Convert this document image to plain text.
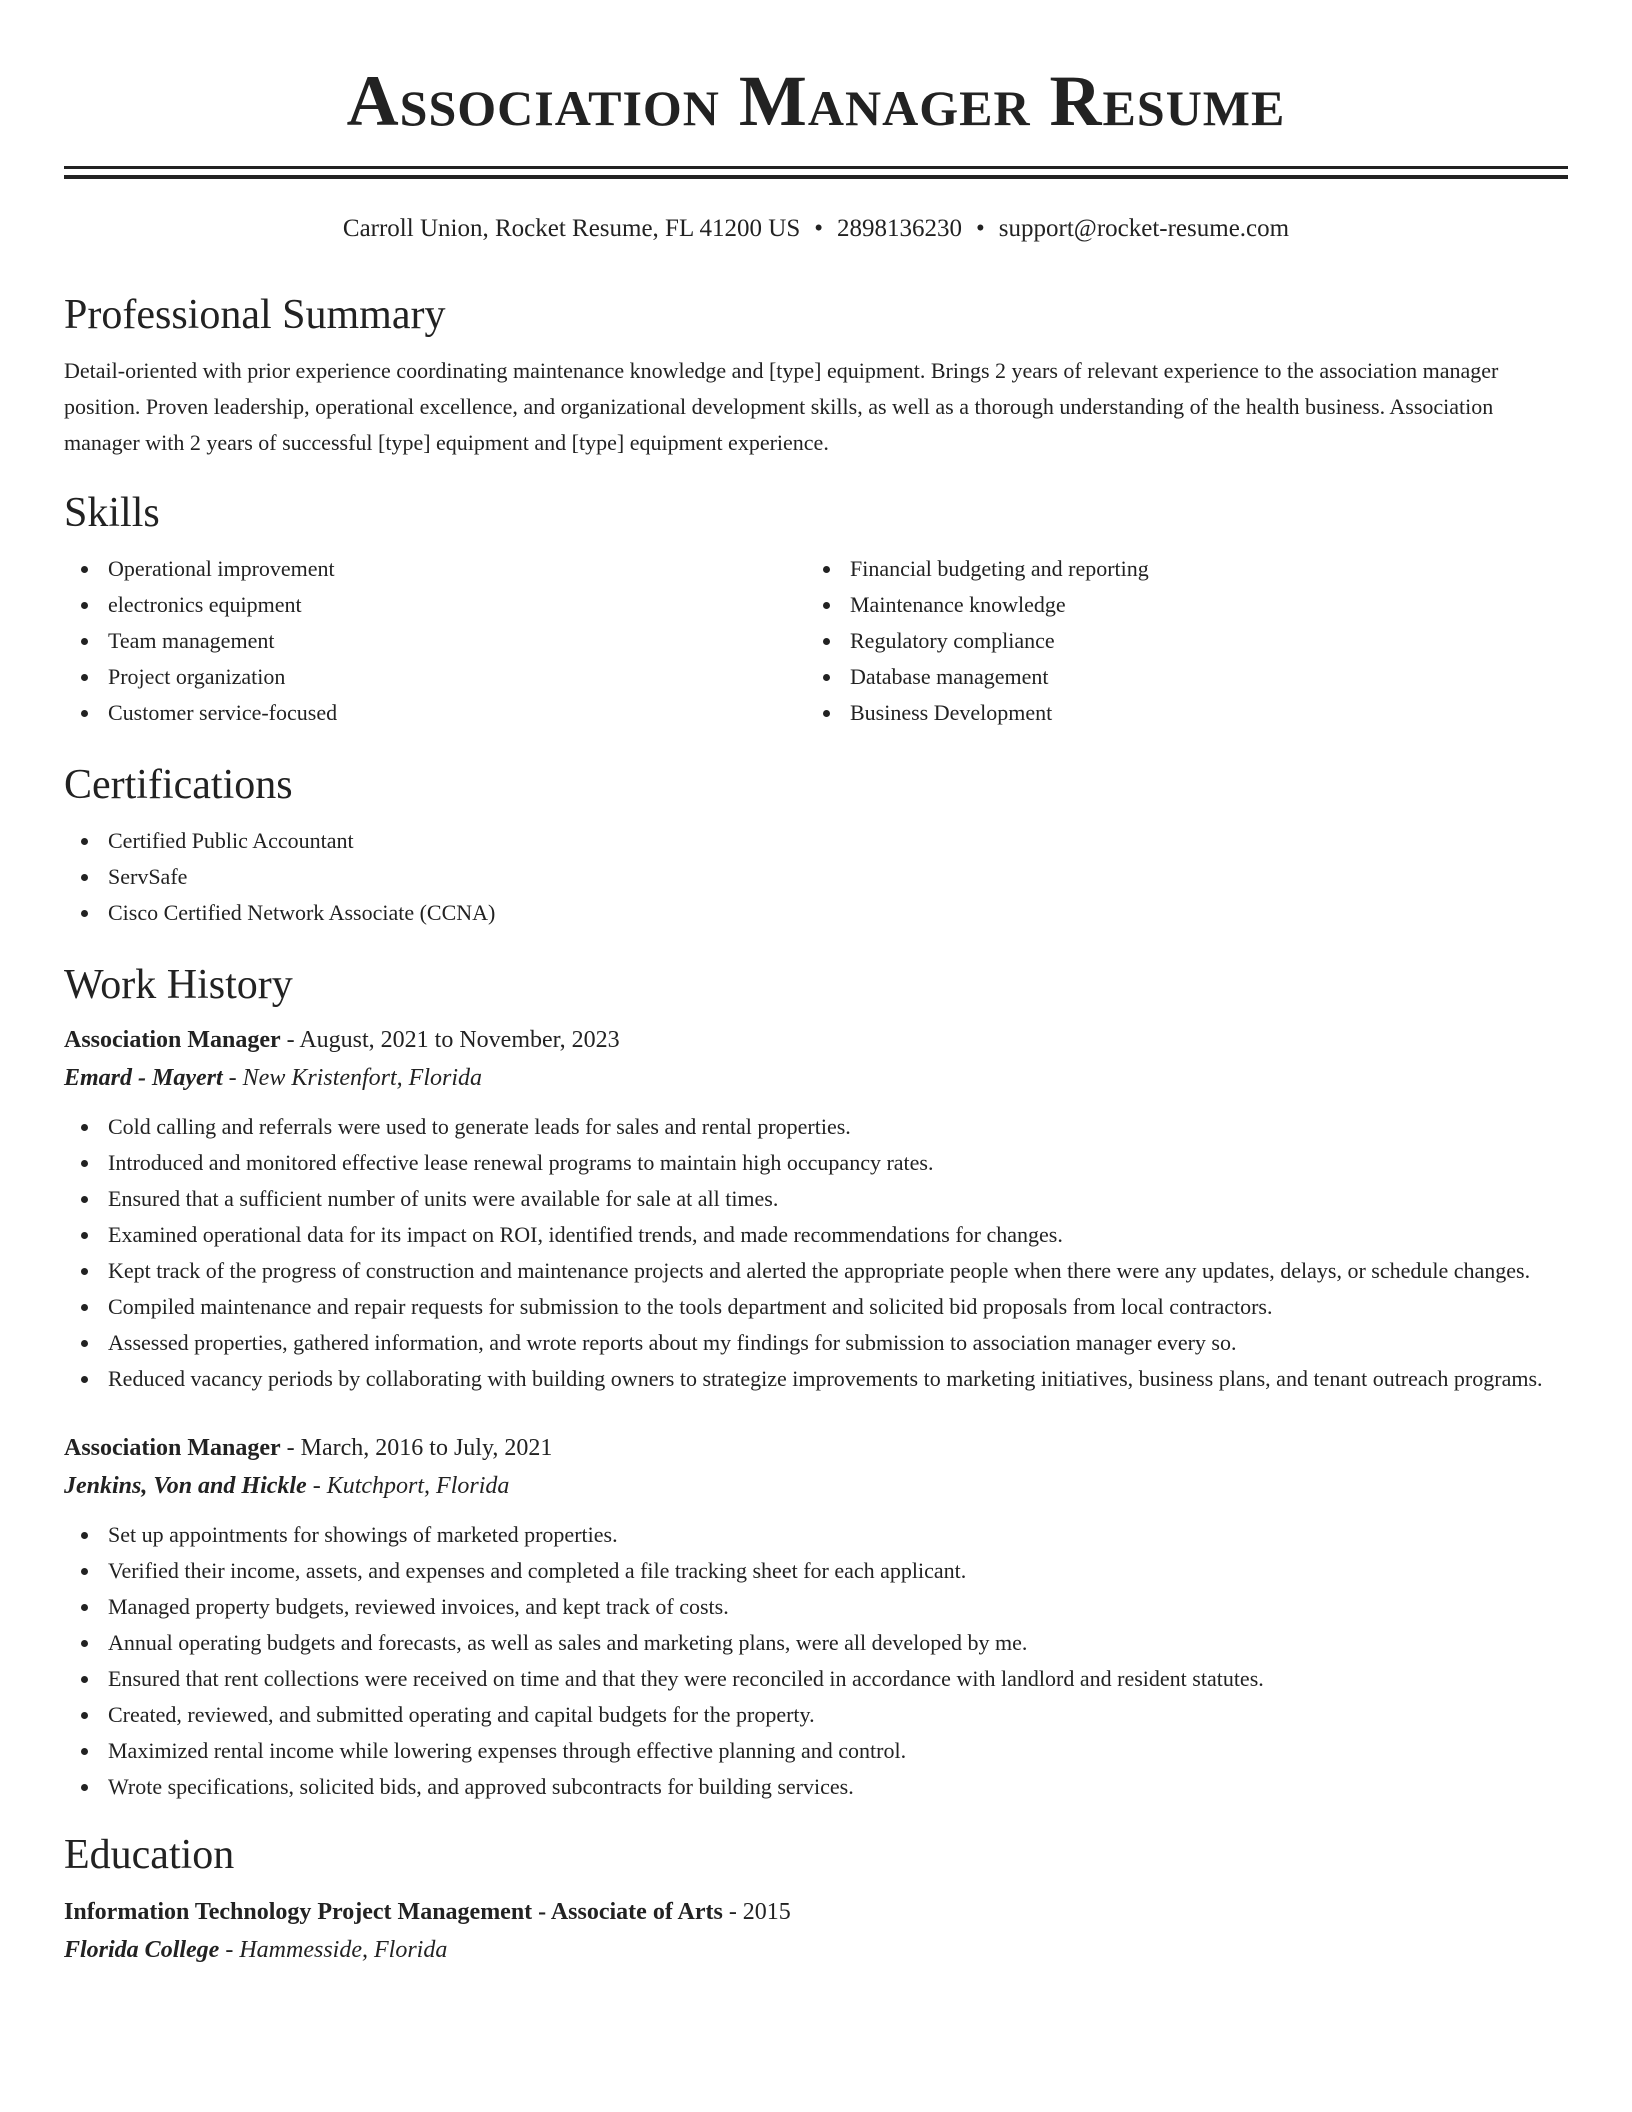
Association Manager Resume
Carroll Union, Rocket Resume, FL 41200 US • 2898136230 • support@rocket-resume.com
Professional Summary

Detail-oriented with prior experience coordinating maintenance knowledge and [type] equipment. Brings 2 years of relevant experience to the association manager position. Proven leadership, operational excellence, and organizational development skills, as well as a thorough understanding of the health business. Association manager with 2 years of successful [type] equipment and [type] equipment experience.

Skills
Operational improvement
electronics equipment
Team management
Project organization
Customer service-focused
Financial budgeting and reporting
Maintenance knowledge
Regulatory compliance
Database management
Business Development
Certifications
Certified Public Accountant
ServSafe
Cisco Certified Network Associate (CCNA)
Work History
Association Manager - August, 2021 to November, 2023
Emard - Mayert - New Kristenfort, Florida
Cold calling and referrals were used to generate leads for sales and rental properties.
Introduced and monitored effective lease renewal programs to maintain high occupancy rates.
Ensured that a sufficient number of units were available for sale at all times.
Examined operational data for its impact on ROI, identified trends, and made recommendations for changes.
Kept track of the progress of construction and maintenance projects and alerted the appropriate people when there were any updates, delays, or schedule changes.
Compiled maintenance and repair requests for submission to the tools department and solicited bid proposals from local contractors.
Assessed properties, gathered information, and wrote reports about my findings for submission to association manager every so.
Reduced vacancy periods by collaborating with building owners to strategize improvements to marketing initiatives, business plans, and tenant outreach programs.
Association Manager - March, 2016 to July, 2021
Jenkins, Von and Hickle - Kutchport, Florida
Set up appointments for showings of marketed properties.
Verified their income, assets, and expenses and completed a file tracking sheet for each applicant.
Managed property budgets, reviewed invoices, and kept track of costs.
Annual operating budgets and forecasts, as well as sales and marketing plans, were all developed by me.
Ensured that rent collections were received on time and that they were reconciled in accordance with landlord and resident statutes.
Created, reviewed, and submitted operating and capital budgets for the property.
Maximized rental income while lowering expenses through effective planning and control.
Wrote specifications, solicited bids, and approved subcontracts for building services.
Education
Information Technology Project Management - Associate of Arts - 2015
Florida College - Hammesside, Florida
